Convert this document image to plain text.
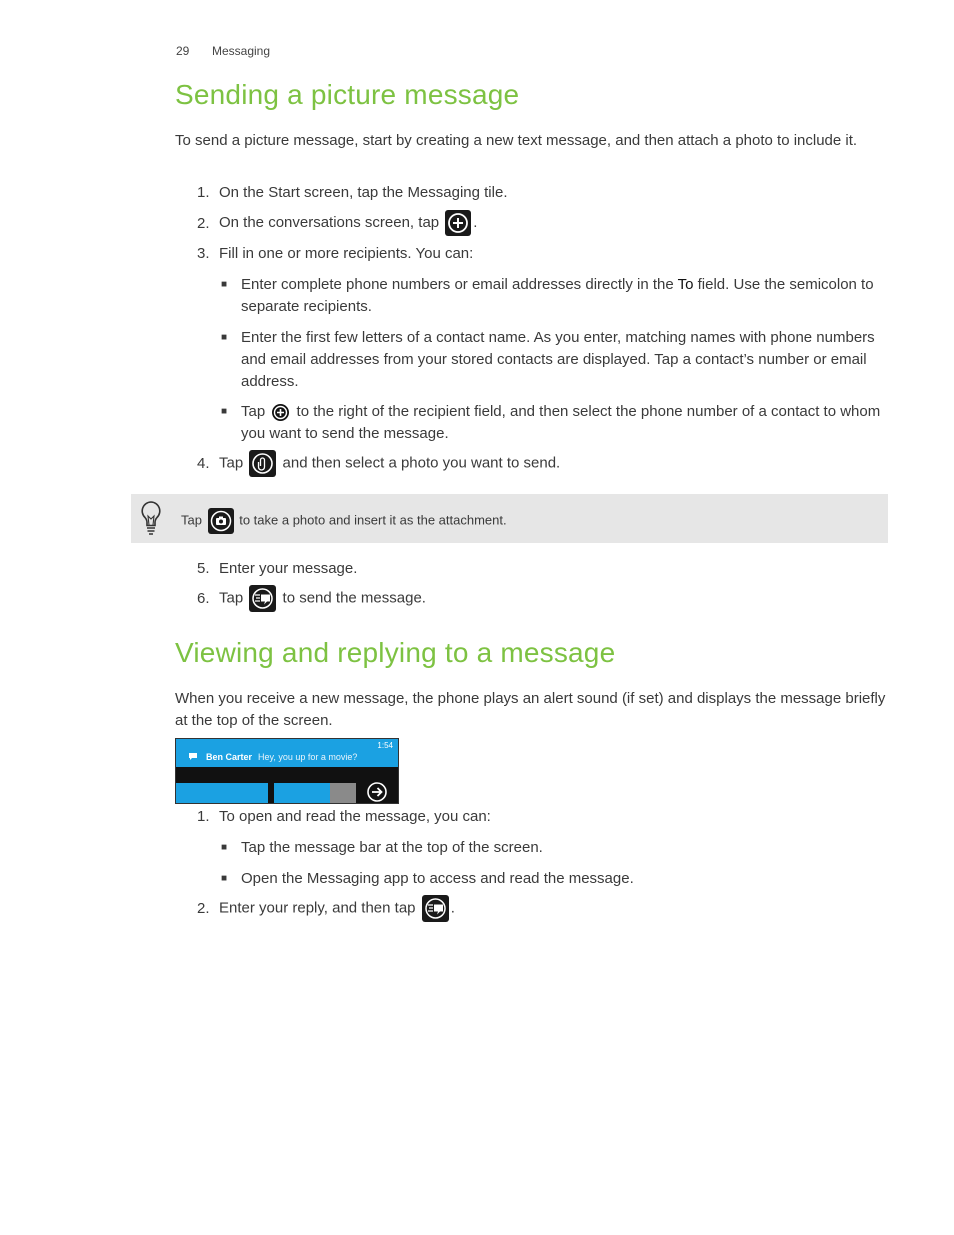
29 Messaging
Sending a picture message

To send a picture message, start by creating a new text message, and then attach a photo to include it.

1. On the Start screen, tap the Messaging tile.
2. On the conversations screen, tap .
3. Fill in one or more recipients. You can:
■ Enter complete phone numbers or email addresses directly in the To field. Use the semicolon to separate recipients.
■ Enter the first few letters of a contact name. As you enter, matching names with phone numbers and email addresses from your stored contacts are displayed. Tap a contact’s number or email address.
■ Tap to the right of the recipient field, and then select the phone number of a contact to whom you want to send the message.
4. Tap	and then select a photo you want to send.
Tap	to take a photo and insert it as the attachment.
5. Enter your message.
6. Tap	to send the message.
Viewing and replying to a message

When you receive a new message, the phone plays an alert sound (if set) and displays the message briefly at the top of the screen.

1:54
Ben Carter Hey, you up for a movie?
1. To open and read the message, you can:
■ Tap the message bar at the top of the screen.
■ Open the Messaging app to access and read the message.
2. Enter your reply, and then tap .
